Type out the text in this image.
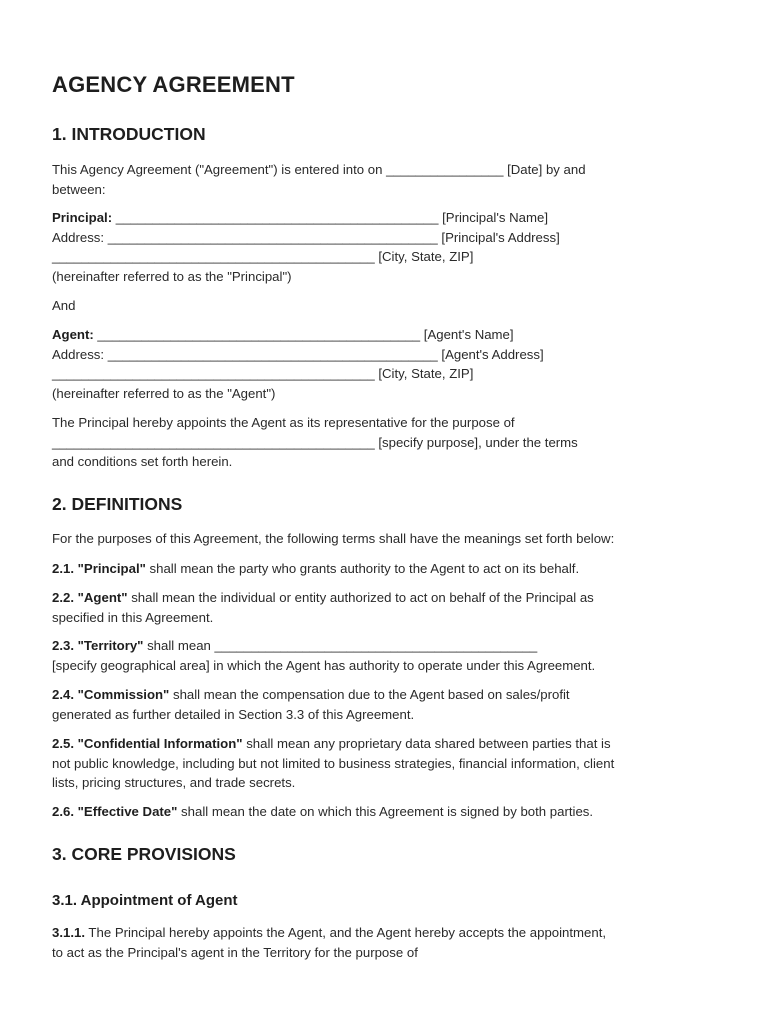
AGENCY AGREEMENT
1. INTRODUCTION
This Agency Agreement ("Agreement") is entered into on ________________ [Date] by and
between:
Principal: ____________________________________________ [Principal's Name]
Address: _____________________________________________ [Principal's Address]
____________________________________________ [City, State, ZIP]
(hereinafter referred to as the "Principal")
And
Agent: ____________________________________________ [Agent's Name]
Address: _____________________________________________ [Agent's Address]
____________________________________________ [City, State, ZIP]
(hereinafter referred to as the "Agent")
The Principal hereby appoints the Agent as its representative for the purpose of
____________________________________________ [specify purpose], under the terms
and conditions set forth herein.
2. DEFINITIONS
For the purposes of this Agreement, the following terms shall have the meanings set forth below:
2.1. "Principal" shall mean the party who grants authority to the Agent to act on its behalf.
2.2. "Agent" shall mean the individual or entity authorized to act on behalf of the Principal as
specified in this Agreement.
2.3. "Territory" shall mean ____________________________________________
[specify geographical area] in which the Agent has authority to operate under this Agreement.
2.4. "Commission" shall mean the compensation due to the Agent based on sales/profit
generated as further detailed in Section 3.3 of this Agreement.
2.5. "Confidential Information" shall mean any proprietary data shared between parties that is
not public knowledge, including but not limited to business strategies, financial information, client
lists, pricing structures, and trade secrets.
2.6. "Effective Date" shall mean the date on which this Agreement is signed by both parties.
3. CORE PROVISIONS
3.1. Appointment of Agent
3.1.1. The Principal hereby appoints the Agent, and the Agent hereby accepts the appointment,
to act as the Principal's agent in the Territory for the purpose of
